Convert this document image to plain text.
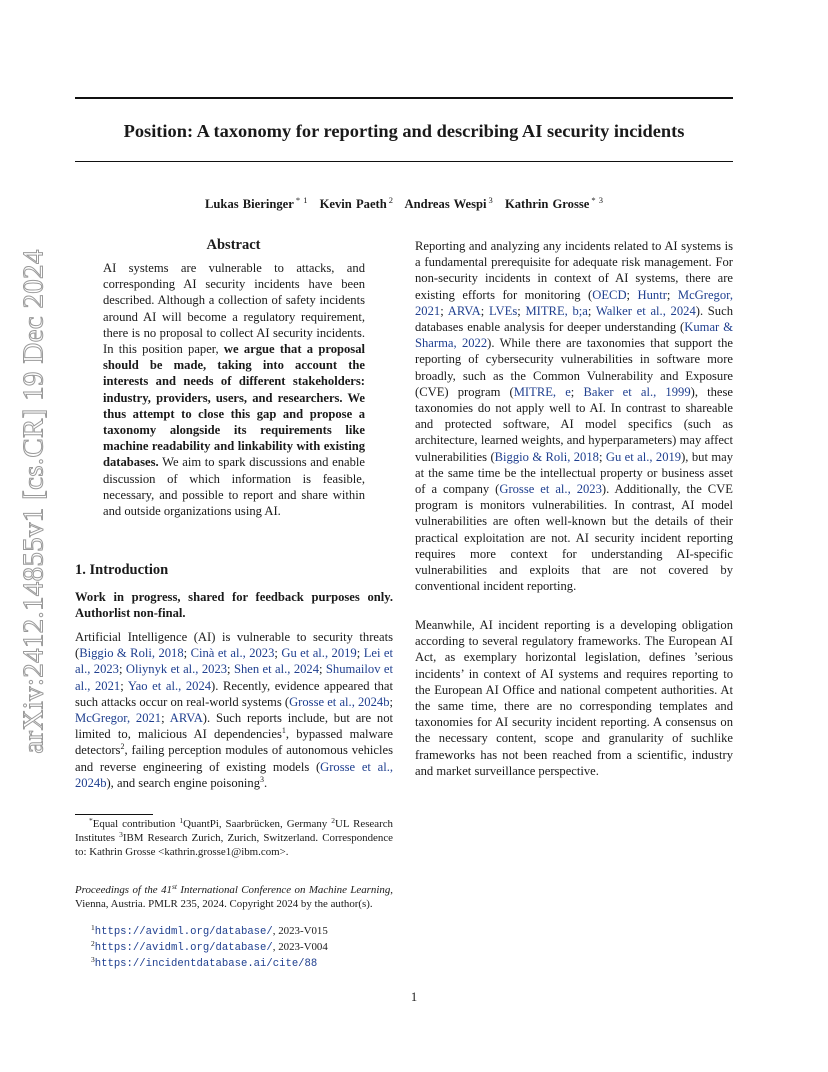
Position: A taxonomy for reporting and describing AI security incidents
Lukas Bieringer $^{* 1}$ Kevin Paeth $^2$ Andreas Wespi $^3$ Kathrin Grosse $^{* 3}$
arXiv:2412.14855v1 [cs.CR] 19 Dec 2024
Abstract

AI systems are vulnerable to attacks, and corresponding AI security incidents have been described. Although a collection of safety incidents around AI will become a regulatory requirement, there is no proposal to collect AI security incidents. In this position paper, we argue that a proposal should be made, taking into account the interests and needs of different stakeholders: industry, providers, users, and researchers. We thus attempt to close this gap and propose a taxonomy alongside its requirements like machine readability and linkability with existing databases. We aim to spark discussions and enable discussion of which information is feasible, necessary, and possible to report and share within and outside organizations using AI.

1. Introduction

Work in progress, shared for feedback purposes only. Authorlist non-final.

Artificial Intelligence (AI) is vulnerable to security threats (Biggio & Roli, 2018; Cinà et al., 2023; Gu et al., 2019; Lei et al., 2023; Oliynyk et al., 2023; Shen et al., 2024; Shumailov et al., 2021; Yao et al., 2024). Recently, evidence appeared that such attacks occur on real-world systems (Grosse et al., 2024b; McGregor, 2021; ARVA). Such reports include, but are not limited to, malicious AI dependencies$^1$, bypassed malware detectors$^2$, failing perception modules of autonomous vehicles and reverse engineering of existing models (Grosse et al., 2024b), and search engine poisoning$^3$.

Reporting and analyzing any incidents related to AI systems is a fundamental prerequisite for adequate risk management. For non-security incidents in context of AI systems, there are existing efforts for monitoring (OECD; Huntr; McGregor, 2021; ARVA; LVEs; MITRE, b;a; Walker et al., 2024). Such databases enable analysis for deeper understanding (Kumar & Sharma, 2022). While there are taxonomies that support the reporting of cybersecurity vulnerabilities in software more broadly, such as the Common Vulnerability and Exposure (CVE) program (MITRE, e; Baker et al., 1999), these taxonomies do not apply well to AI. In contrast to shareable and protected software, AI model specifics (such as architecture, learned weights, and hyperparameters) may affect vulnerabilities (Biggio & Roli, 2018; Gu et al., 2019), but may at the same time be the intellectual property or business asset of a company (Grosse et al., 2023). Additionally, the CVE program is monitors vulnerabilities. In contrast, AI model vulnerabilities are often well-known but the details of their practical exploitation are not. AI security incident reporting requires more context for understanding AI-specific vulnerabilities and exploits that are not covered by conventional incident reporting.

Meanwhile, AI incident reporting is a developing obligation according to several regulatory frameworks. The European AI Act, as exemplary horizontal legislation, defines ’serious incidents’ in context of AI systems and requires reporting to the European AI Office and national competent authorities. At the same time, there are no corresponding templates and taxonomies for AI security incident reporting. A consensus on the necessary content, scope and granularity of suchlike frameworks has not been reached from a scientific, industry and market surveillance perspective.

*Equal contribution $^1$QuantPi, Saarbrücken, Germany $^2$UL Research Institutes $^3$IBM Research Zurich, Zurich, Switzerland. Correspondence to: Kathrin Grosse <kathrin.grosse1@ibm.com>.

Proceedings of the 41st International Conference on Machine Learning, Vienna, Austria. PMLR 235, 2024. Copyright 2024 by the author(s).

$^1$https://avidml.org/database/, 2023-V015
$^2$https://avidml.org/database/, 2023-V004
$^3$https://incidentdatabase.ai/cite/88
1
